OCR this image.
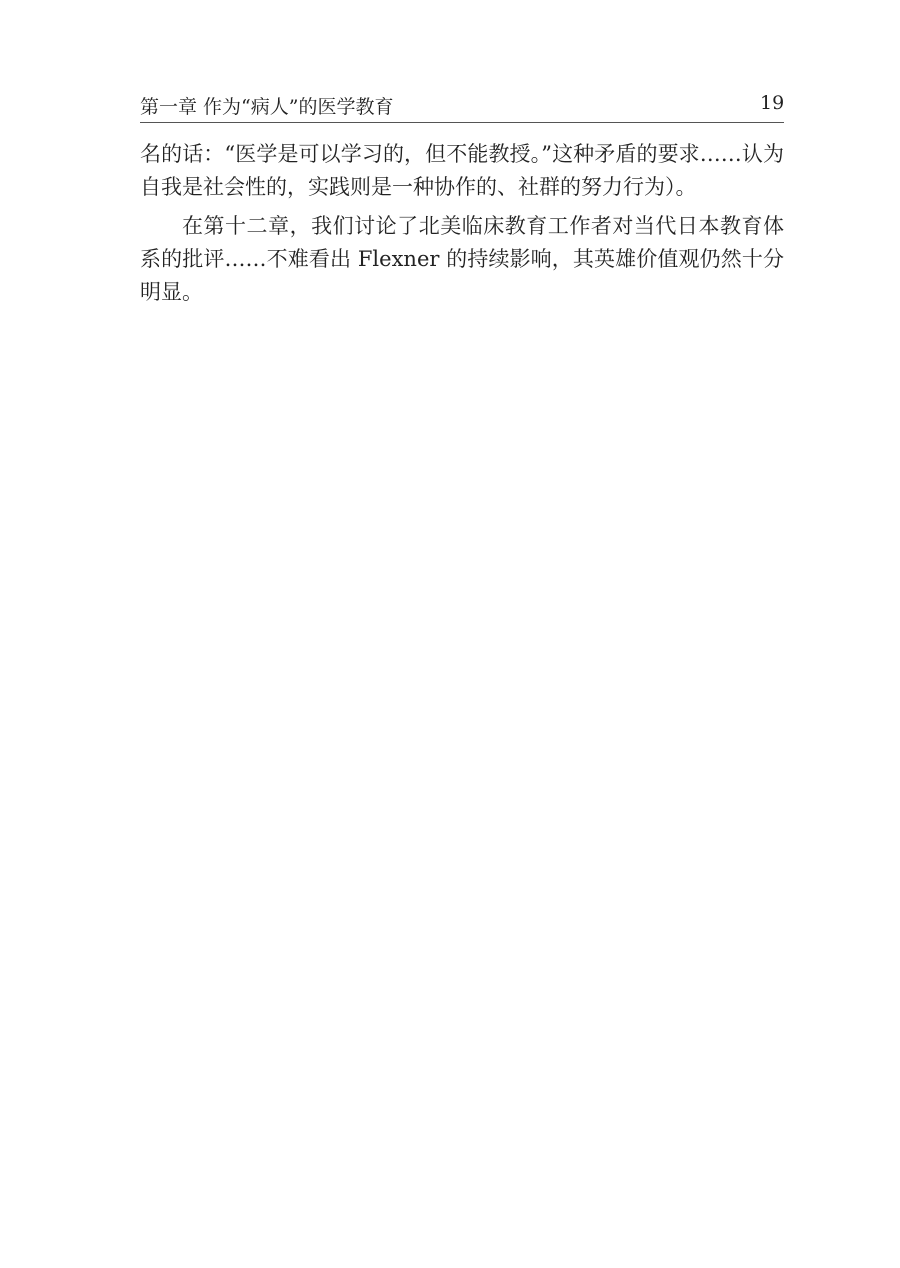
第一章 作为“病人”的医学教育	19

名的话：“医学是可以学习的，但不能教授。”这种矛盾的要求……认为自我是社会性的，实践则是一种协作的、社群的努力行为）。

在第十二章，我们讨论了北美临床教育工作者对当代日本教育体系的批评……不难看出 Flexner 的持续影响，其英雄价值观仍然十分明显。
